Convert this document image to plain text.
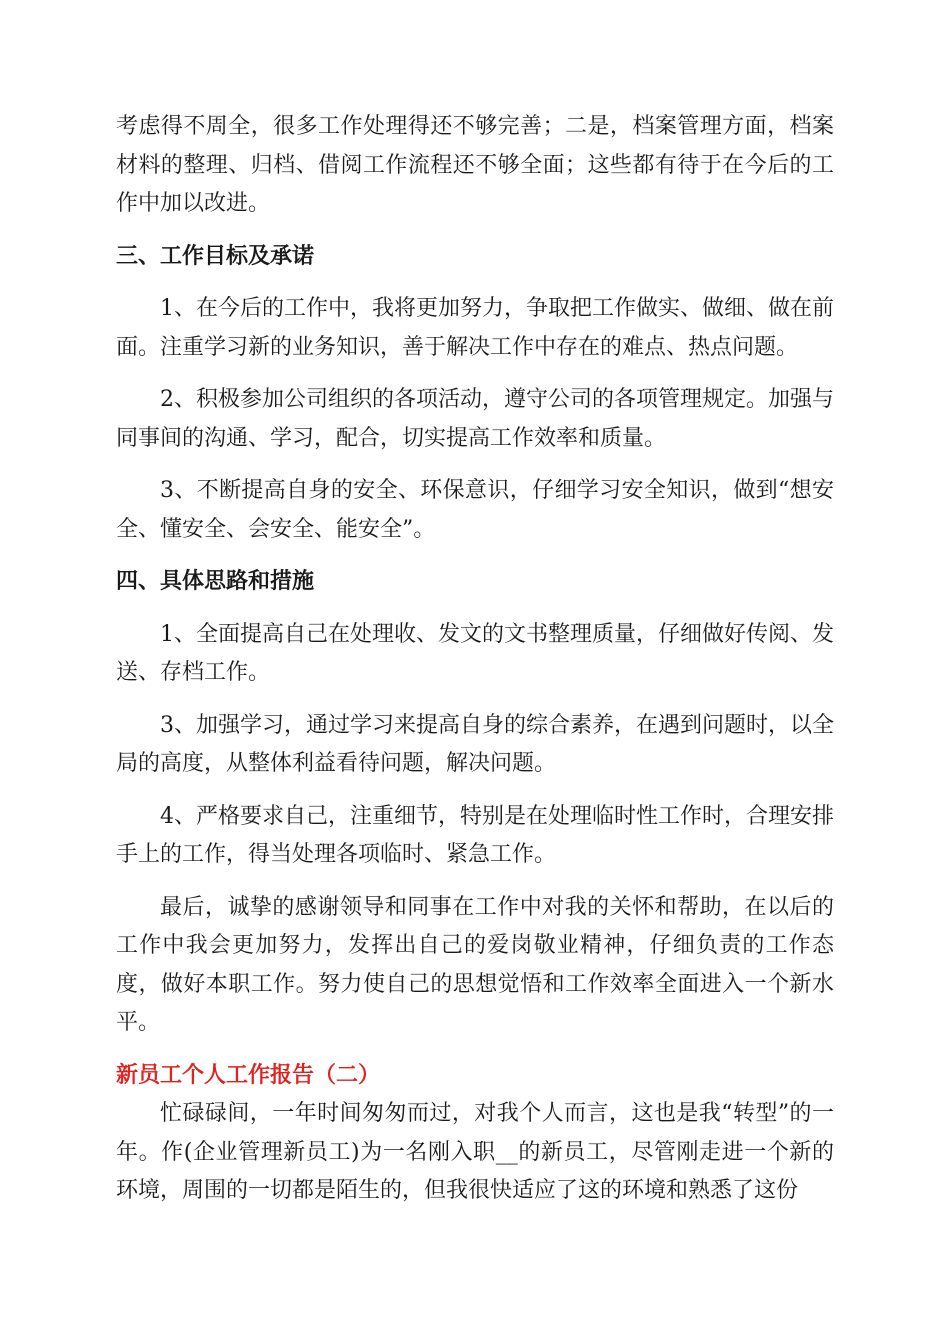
考虑得不周全，很多工作处理得还不够完善；二是，档案管理方面，档案材料的整理、归档、借阅工作流程还不够全面；这些都有待于在今后的工作中加以改进。

三、工作目标及承诺

1、在今后的工作中，我将更加努力，争取把工作做实、做细、做在前面。注重学习新的业务知识，善于解决工作中存在的难点、热点问题。

2、积极参加公司组织的各项活动，遵守公司的各项管理规定。加强与同事间的沟通、学习，配合，切实提高工作效率和质量。

3、不断提高自身的安全、环保意识，仔细学习安全知识，做到“想安全、懂安全、会安全、能安全”。

四、具体思路和措施

1、全面提高自己在处理收、发文的文书整理质量，仔细做好传阅、发送、存档工作。

3、加强学习，通过学习来提高自身的综合素养，在遇到问题时，以全局的高度，从整体利益看待问题，解决问题。

4、严格要求自己，注重细节，特别是在处理临时性工作时，合理安排手上的工作，得当处理各项临时、紧急工作。

最后，诚挚的感谢领导和同事在工作中对我的关怀和帮助，在以后的工作中我会更加努力，发挥出自己的爱岗敬业精神，仔细负责的工作态度，做好本职工作。努力使自己的思想觉悟和工作效率全面进入一个新水平。

新员工个人工作报告（二）

忙碌碌间，一年时间匆匆而过，对我个人而言，这也是我“转型”的一年。作(企业管理新员工)为一名刚入职__的新员工，尽管刚走进一个新的环境，周围的一切都是陌生的，但我很快适应了这的环境和熟悉了这份
